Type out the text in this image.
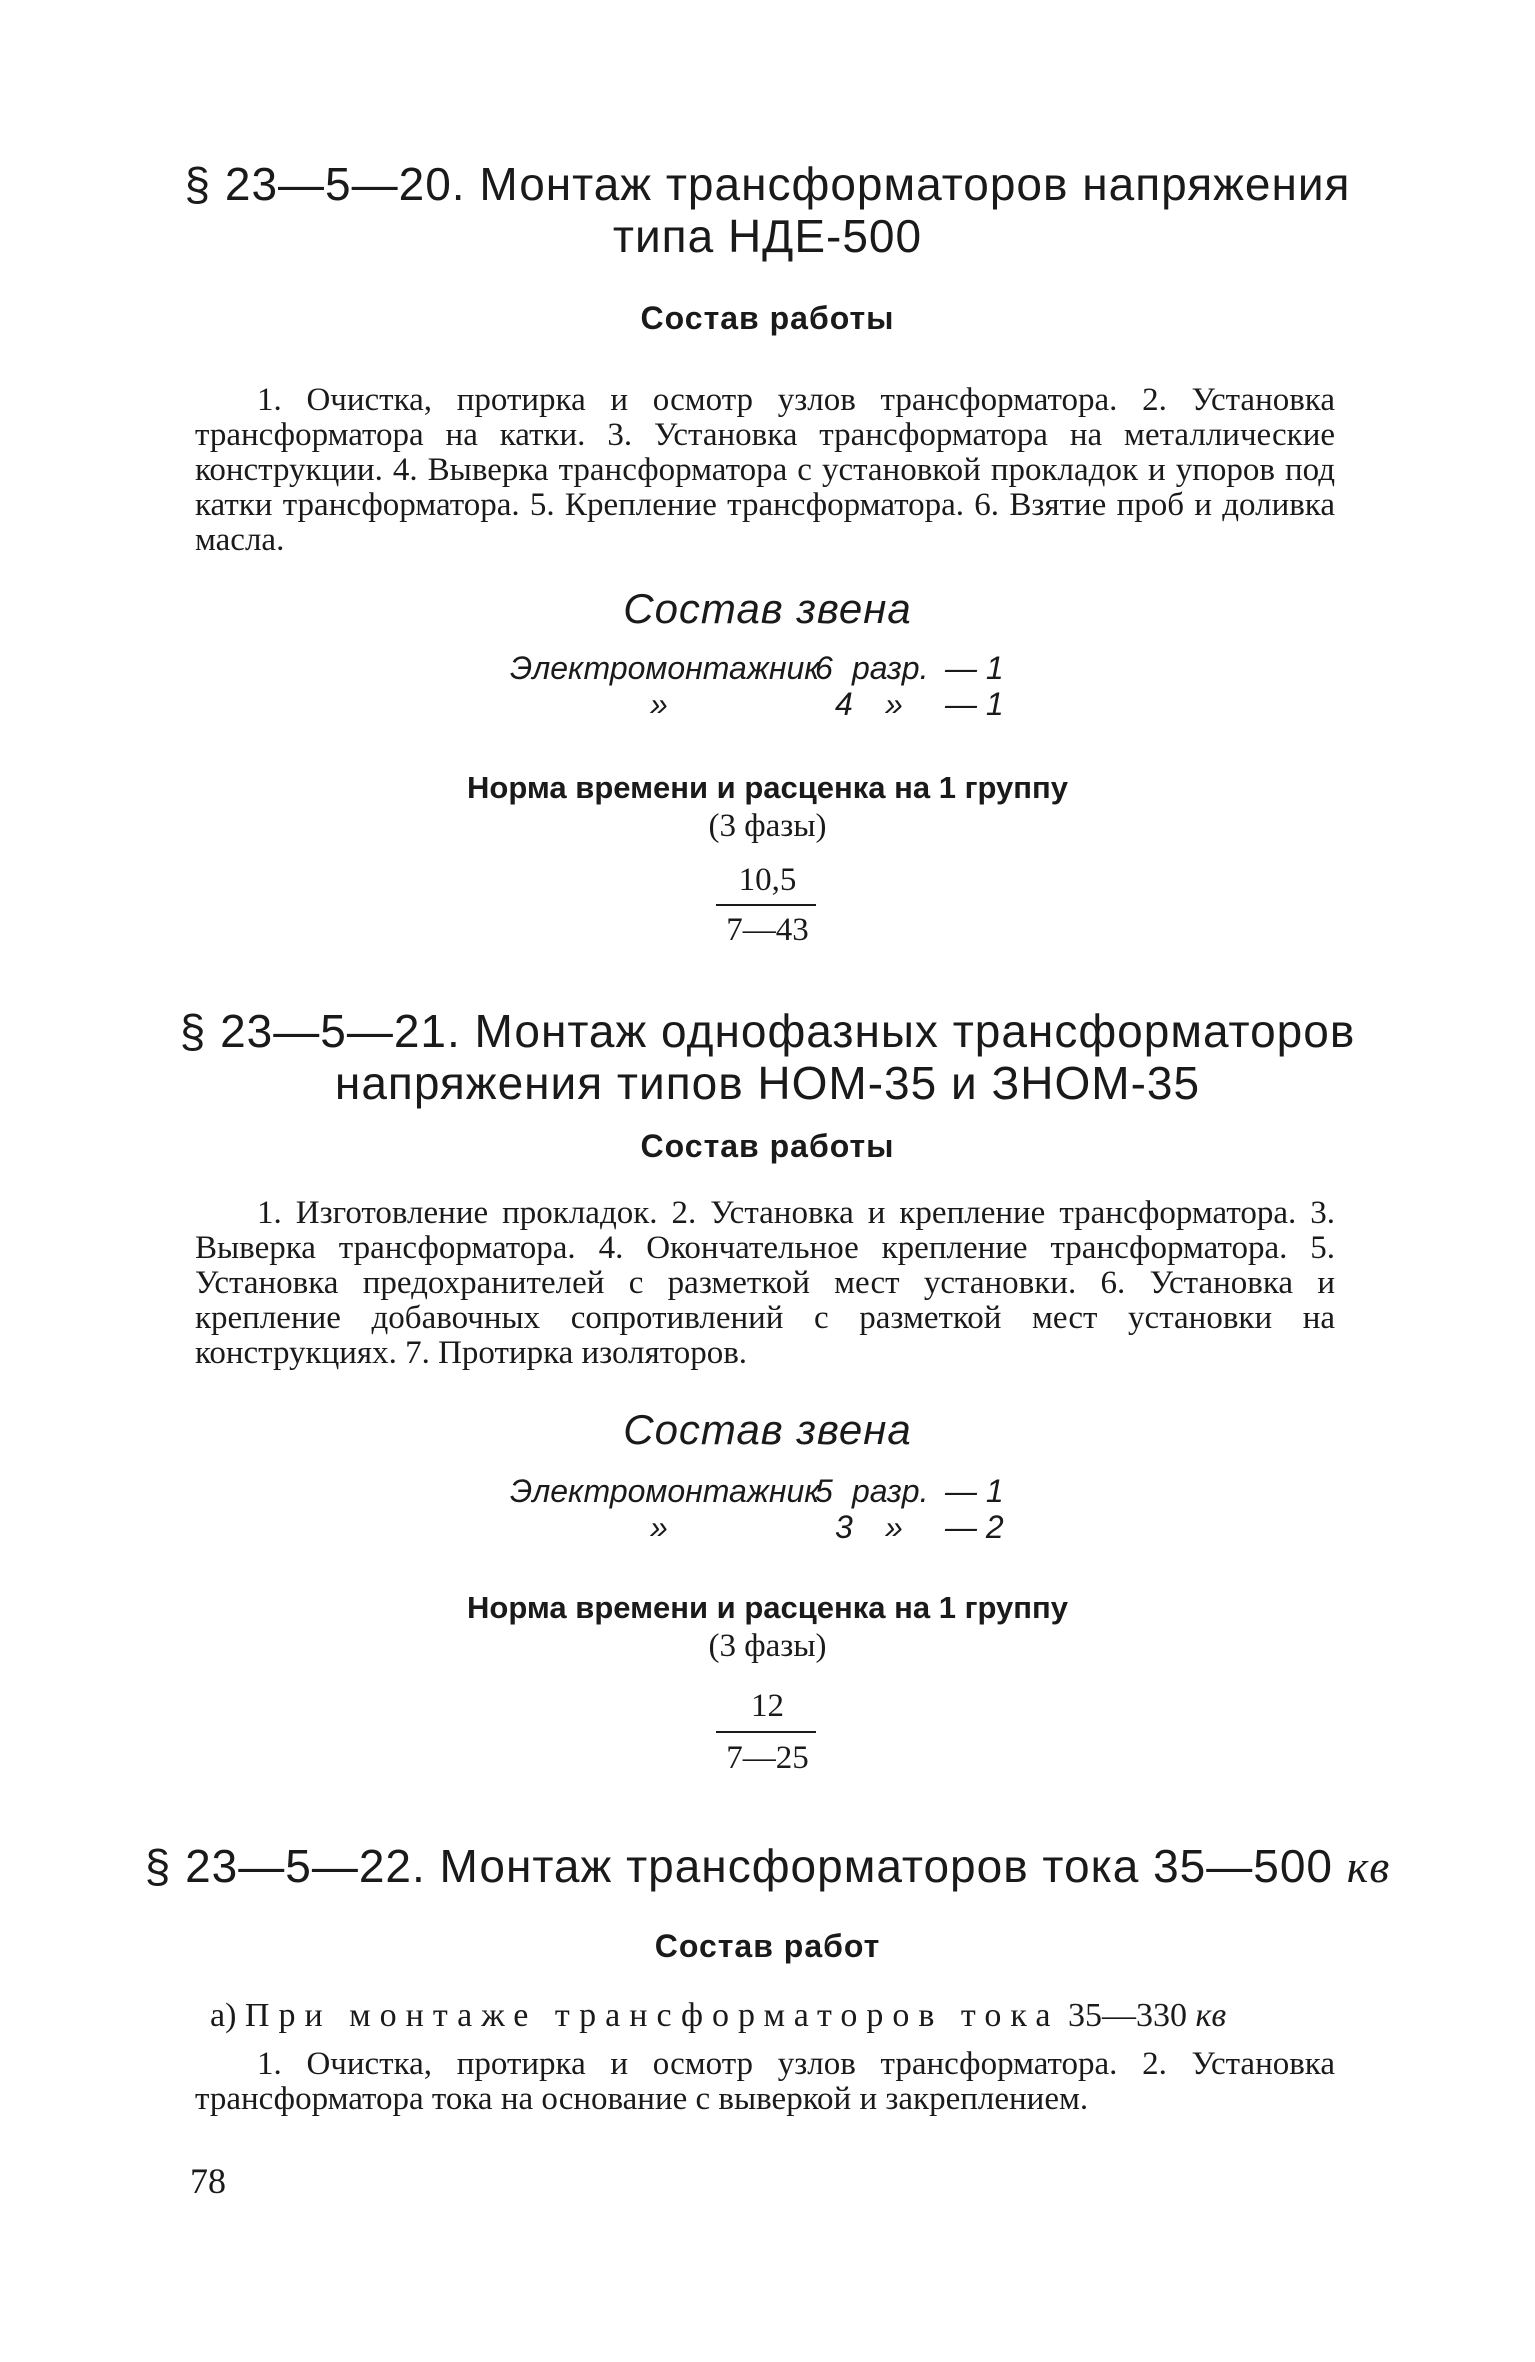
§ 23—5—20. Монтаж трансформаторов напряжения
типа НДЕ-500
Состав работы
1. Очистка, протирка и осмотр узлов трансформатора. 2. Установка трансформатора на катки. 3. Установка трансформатора на металлические конструкции. 4. Выверка трансформатора с установкой прокладок и упоров под катки трансформатора. 5. Крепление трансформатора. 6. Взятие проб и доливка масла.
Состав звена
Электромонтажник
6 разр. — 1
»	4 » — 1
Норма времени и расценка на 1 группу
(3 фазы)
10,5
7—43
§ 23—5—21. Монтаж однофазных трансформаторов
напряжения типов НОМ-35 и ЗНОМ-35
Состав работы
1. Изготовление прокладок. 2. Установка и крепление трансформатора. 3. Выверка трансформатора. 4. Окончательное крепление трансформатора. 5. Установка предохранителей с разметкой мест установки. 6. Установка и крепление добавочных сопротивлений с разметкой мест установки на конструкциях. 7. Протирка изоляторов.
Состав звена
Электромонтажник
5 разр. — 1
»	3 » — 2
Норма времени и расценка на 1 группу
(3 фазы)
12
7—25
§ 23—5—22. Монтаж трансформаторов тока 35—500 кв
Состав работ
а) При монтаже трансформаторов тока 35—330 кв
1. Очистка, протирка и осмотр узлов трансформатора. 2. Установка трансформатора тока на основание с выверкой и закреплением.
78
